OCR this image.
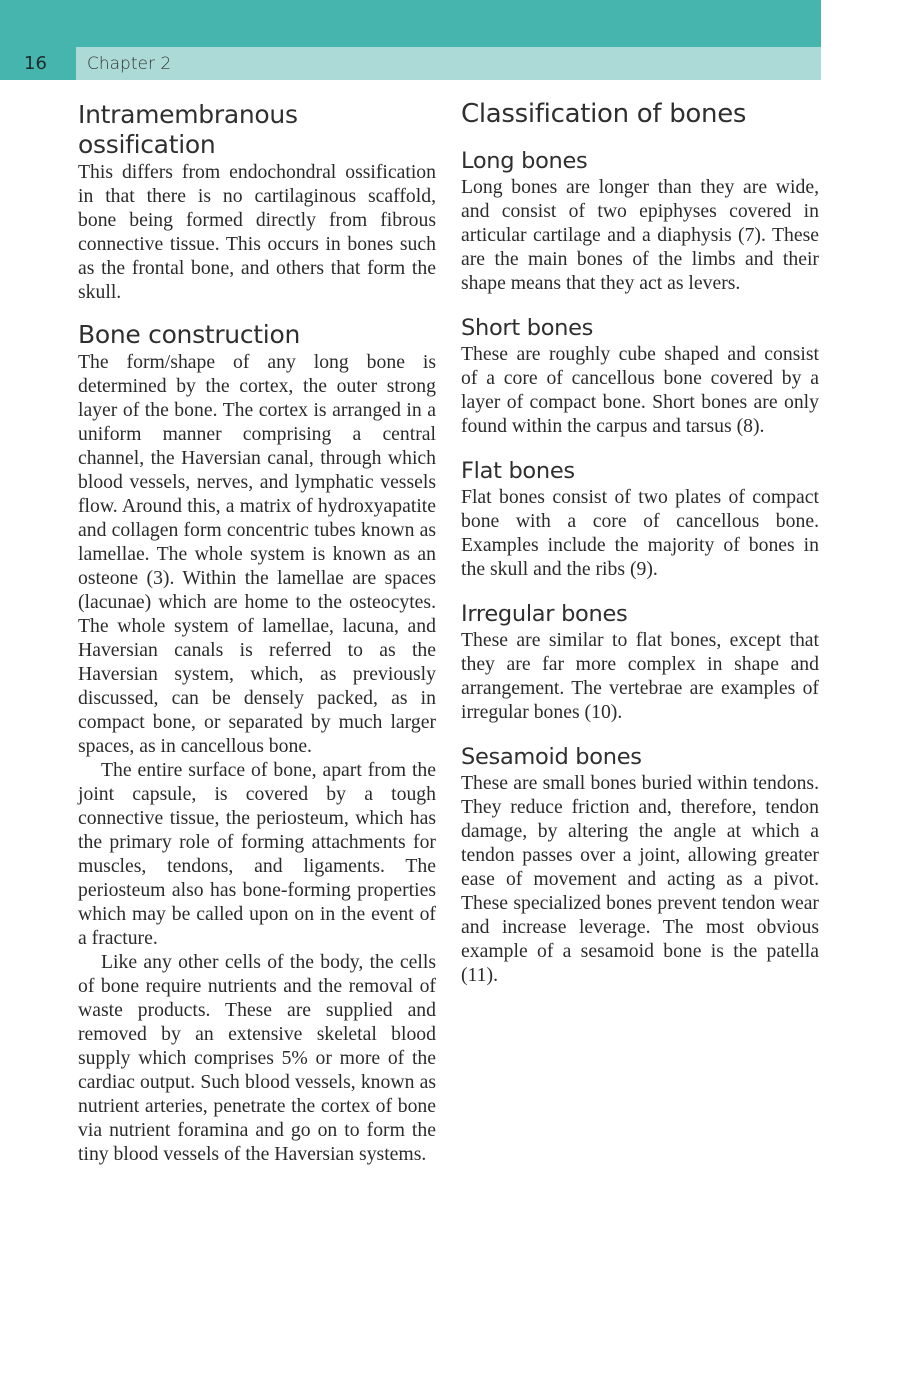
16	Chapter 2
Intramembranous ossification

This differs from endochondral ossification in that there is no cartilaginous scaffold, bone being formed directly from fibrous connective tissue. This occurs in bones such as the frontal bone, and others that form the skull.

Bone construction

The form/shape of any long bone is determined by the cortex, the outer strong layer of the bone. The cortex is arranged in a uniform manner comprising a central channel, the Haversian canal, through which blood vessels, nerves, and lymphatic vessels flow. Around this, a matrix of hydroxyapatite and collagen form concentric tubes known as lamellae. The whole system is known as an osteone (3). Within the lamellae are spaces (lacunae) which are home to the osteocytes. The whole system of lamellae, lacuna, and Haversian canals is referred to as the Haversian system, which, as previously discussed, can be densely packed, as in compact bone, or separated by much larger spaces, as in cancellous bone.

The entire surface of bone, apart from the joint capsule, is covered by a tough connective tissue, the periosteum, which has the primary role of forming attachments for muscles, tendons, and ligaments. The periosteum also has bone-forming properties which may be called upon on in the event of a fracture.

Like any other cells of the body, the cells of bone require nutrients and the removal of waste products. These are supplied and removed by an extensive skeletal blood supply which comprises 5% or more of the cardiac output. Such blood vessels, known as nutrient arteries, penetrate the cortex of bone via nutrient foramina and go on to form the tiny blood vessels of the Haversian systems.

Classification of bones
Long bones

Long bones are longer than they are wide, and consist of two epiphyses covered in articular cartilage and a diaphysis (7). These are the main bones of the limbs and their shape means that they act as levers.

Short bones

These are roughly cube shaped and consist of a core of cancellous bone covered by a layer of compact bone. Short bones are only found within the carpus and tarsus (8).

Flat bones

Flat bones consist of two plates of compact bone with a core of cancellous bone. Examples include the majority of bones in the skull and the ribs (9).

Irregular bones

These are similar to flat bones, except that they are far more complex in shape and arrangement. The vertebrae are examples of irregular bones (10).

Sesamoid bones

These are small bones buried within tendons. They reduce friction and, therefore, tendon damage, by altering the angle at which a tendon passes over a joint, allowing greater ease of movement and acting as a pivot. These specialized bones prevent tendon wear and increase leverage. The most obvious example of a sesamoid bone is the patella (11).
